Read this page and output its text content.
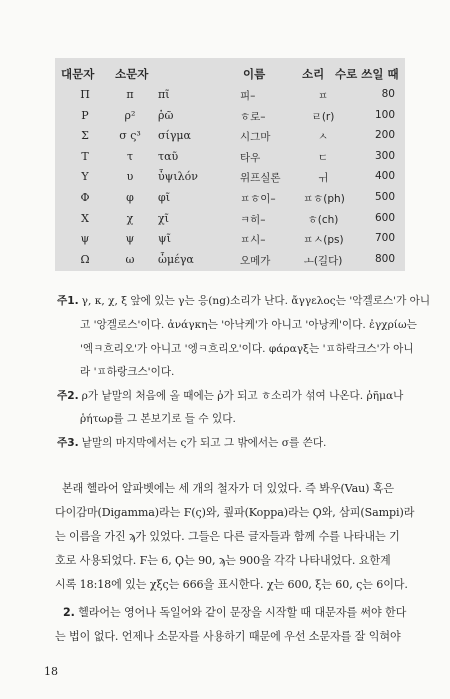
대문자 소문자	이름	소리 수로 쓰일 때
Π	π	πῖ	피–	ㅍ	80
Ρ	ρ²	ῥῶ	ㅎ로–	ㄹ(r)	100
Σ	σ ς³	σίγμα	시그마	ㅅ	200
Τ	τ	ταῦ	타우	ㄷ	300
Υ	υ	ὖψιλόν	위프실론	ㅟ	400
Φ	φ	φῖ	ㅍㅎ이–	ㅍㅎ(ph)	500
Χ	χ	χῖ	ㅋ히–	ㅎ(ch)	600
ψ	ψ	ψῖ	ㅍ시–	ㅍㅅ(ps)	700
Ω	ω	ὦμέγα	오메가	ㅗ(길다)	800
주1. γ, κ, χ, ξ 앞에 있는 γ는 응(ng)소리가 난다. ἄγγελος는 '악겔로스'가 아니
고 '앙겔로스'이다. ἀνάγκη는 '아낙케'가 아니고 '아낭케'이다. ἐγχρίω는
'엑ㅋ흐리오'가 아니고 '엥ㅋ흐리오'이다. φάραγξ는 'ㅍ하락크스'가 아니
라 'ㅍ하랑크스'이다.
주2. ρ가 낱말의 처음에 올 때에는 ῥ가 되고 ㅎ소리가 섞여 나온다. ῥῆμα나
ῥήτωρ를 그 본보기로 들 수 있다.
주3. 낱말의 마지막에서는 ς가 되고 그 밖에서는 σ를 쓴다.
본래 헬라어 알파벳에는 세 개의 철자가 더 있었다. 즉 봐우(Vau) 혹은
다이감마(Digamma)라는 Ϝ(ς)와, 쿂파(Koppa)라는 Ϙ와, 삼피(Sampi)라
는 이름을 가진 ϡ가 있었다. 그들은 다른 글자들과 함께 수를 나타내는 기
호로 사용되었다. Ϝ는 6, Ϙ는 90, ϡ는 900을 각각 나타내었다. 요한계
시록 18:18에 있는 χξς는 666을 표시한다. χ는 600, ξ는 60, ς는 6이다.
2. 헬라어는 영어나 독일어와 같이 문장을 시작할 때 대문자를 써야 한다
는 법이 없다. 언제나 소문자를 사용하기 때문에 우선 소문자를 잘 익혀야
18
